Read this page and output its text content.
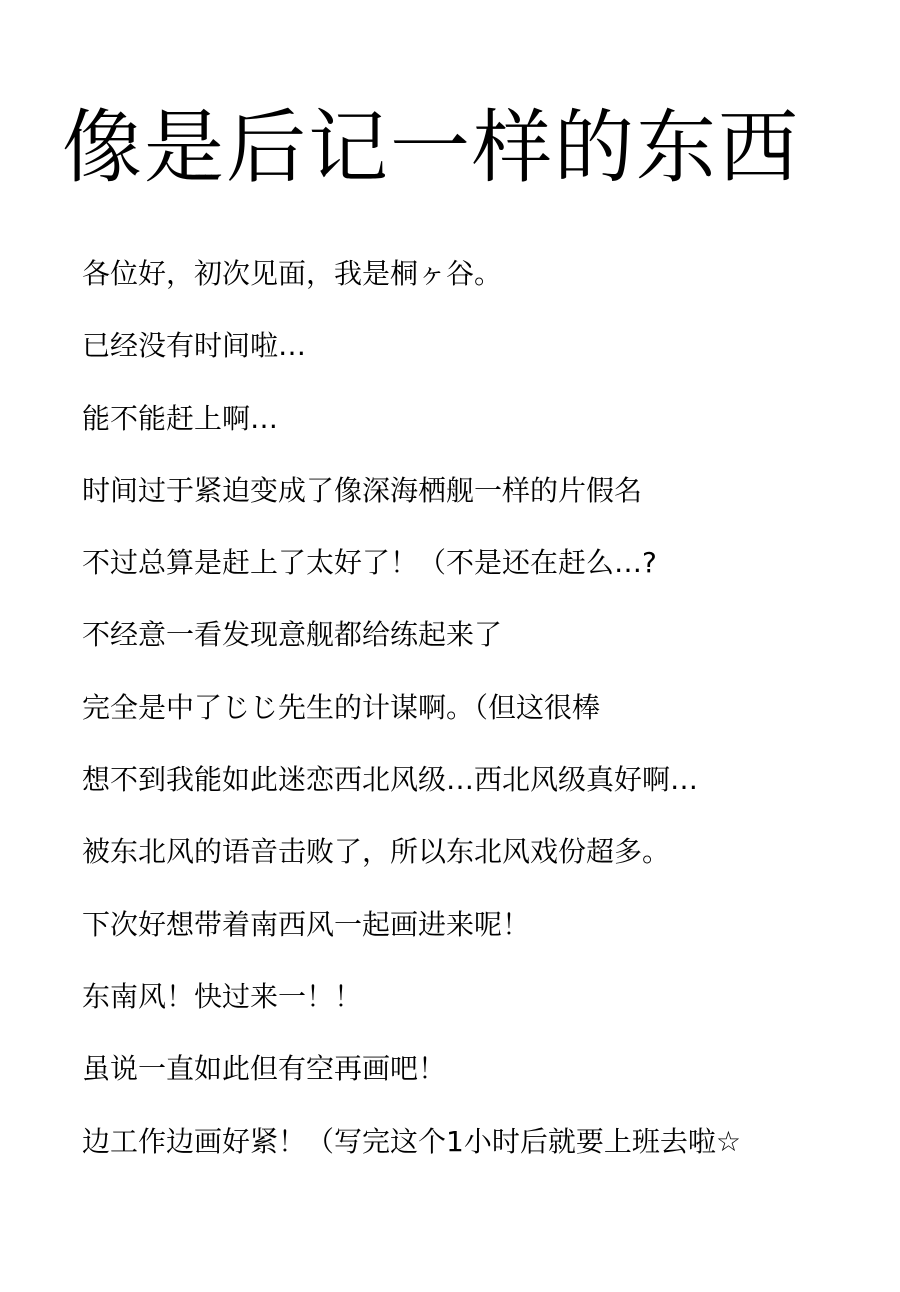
像是后记一样的东西
各位好，初次见面，我是桐ヶ谷。
已经没有时间啦…
能不能赶上啊…
时间过于紧迫变成了像深海栖舰一样的片假名
不过总算是赶上了太好了！（不是还在赶么…?
不经意一看发现意舰都给练起来了
完全是中了じじ先生的计谋啊。（但这很棒
想不到我能如此迷恋西北风级…西北风级真好啊…
被东北风的语音击败了，所以东北风戏份超多。
下次好想带着南西风一起画进来呢！
东南风！快过来一！！
虽说一直如此但有空再画吧！
边工作边画好紧！（写完这个1小时后就要上班去啦☆
